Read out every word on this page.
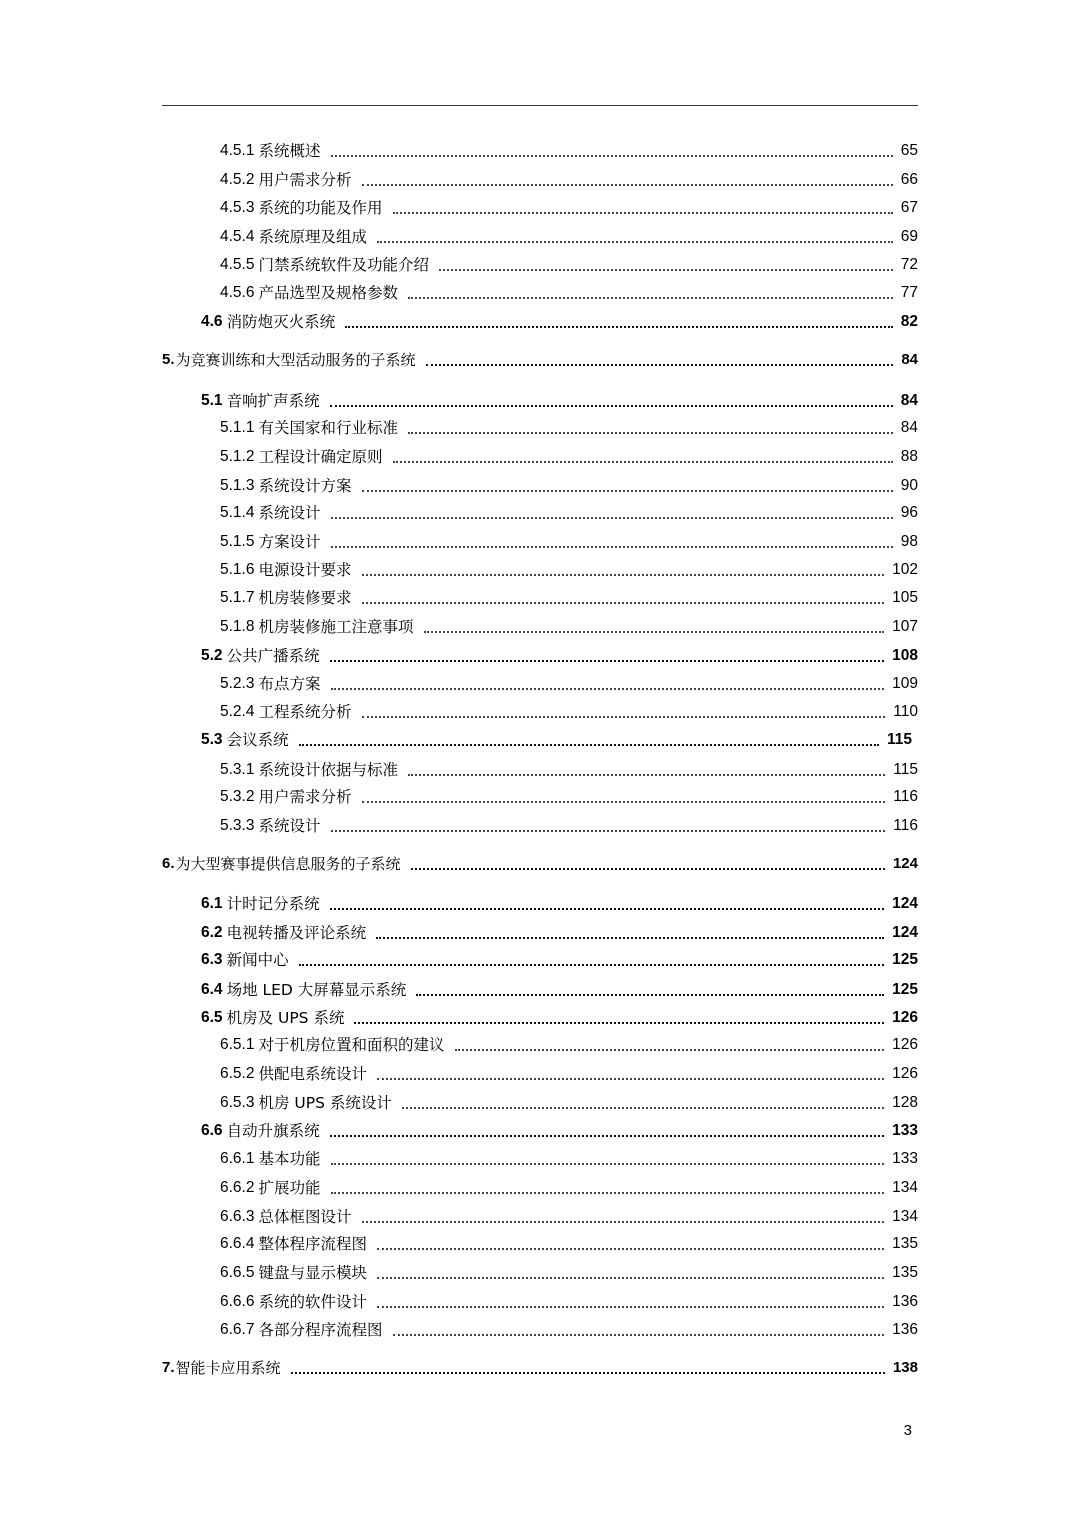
4.5.1 系统概述	65
4.5.2 用户需求分析	66
4.5.3 系统的功能及作用	67
4.5.4 系统原理及组成	69
4.5.5 门禁系统软件及功能介绍	72
4.5.6 产品选型及规格参数	77
4.6 消防炮灭火系统	82
5. 为竞赛训练和大型活动服务的子系统	84
5.1 音响扩声系统	84
5.1.1 有关国家和行业标准	84
5.1.2 工程设计确定原则	88
5.1.3 系统设计方案	90
5.1.4 系统设计	96
5.1.5 方案设计	98
5.1.6 电源设计要求	102
5.1.7 机房装修要求	105
5.1.8 机房装修施工注意事项	107
5.2 公共广播系统	108
5.2.3 布点方案	109
5.2.4 工程系统分析	110
5.3 会议系统	115
5.3.1 系统设计依据与标准	115
5.3.2 用户需求分析	116
5.3.3 系统设计	116
6. 为大型赛事提供信息服务的子系统	124
6.1 计时记分系统	124
6.2 电视转播及评论系统	124
6.3 新闻中心	125
6.4 场地 LED 大屏幕显示系统	125
6.5 机房及 UPS 系统	126
6.5.1 对于机房位置和面积的建议	126
6.5.2 供配电系统设计	126
6.5.3 机房 UPS 系统设计	128
6.6 自动升旗系统	133
6.6.1 基本功能	133
6.6.2 扩展功能	134
6.6.3 总体框图设计	134
6.6.4 整体程序流程图	135
6.6.5 键盘与显示模块	135
6.6.6 系统的软件设计	136
6.6.7 各部分程序流程图	136
7. 智能卡应用系统	138
3
